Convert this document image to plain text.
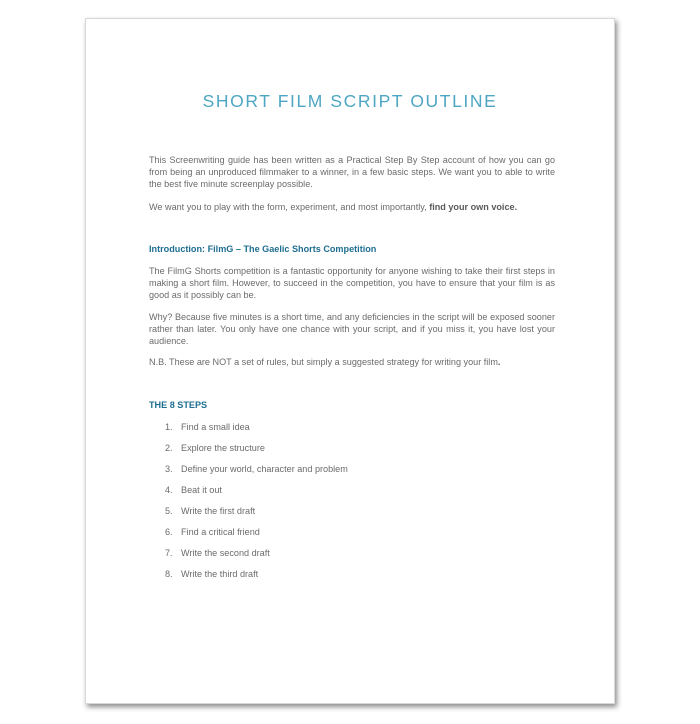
SHORT FILM SCRIPT OUTLINE

This Screenwriting guide has been written as a Practical Step By Step account of how you can go from being an unproduced filmmaker to a winner, in a few basic steps. We want you to able to write the best five minute screenplay possible.

We want you to play with the form, experiment, and most importantly, find your own voice.

Introduction: FilmG – The Gaelic Shorts Competition

The FilmG Shorts competition is a fantastic opportunity for anyone wishing to take their first steps in making a short film. However, to succeed in the competition, you have to ensure that your film is as good as it possibly can be.

Why? Because five minutes is a short time, and any deficiencies in the script will be exposed sooner rather than later. You only have one chance with your script, and if you miss it, you have lost your audience.

N.B. These are NOT a set of rules, but simply a suggested strategy for writing your film.

THE 8 STEPS

1. Find a small idea
2. Explore the structure
3. Define your world, character and problem
4. Beat it out
5. Write the first draft
6. Find a critical friend
7. Write the second draft
8. Write the third draft
